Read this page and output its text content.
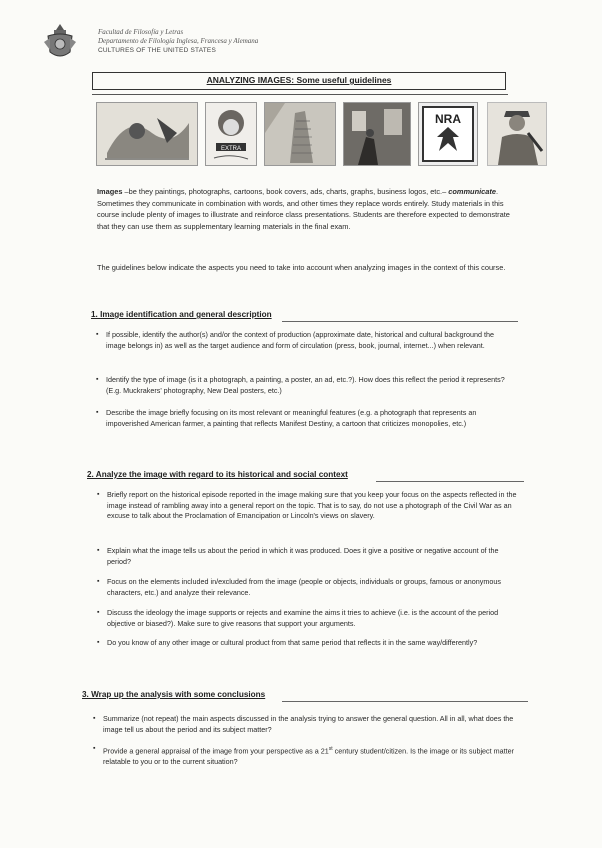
Facultad de Filosofía y Letras
Departamento de Filología Inglesa, Francesa y Alemana
CULTURES OF THE UNITED STATES
ANALYZING IMAGES: Some useful guidelines
EXTRA
NRA
Images –be they paintings, photographs, cartoons, book covers, ads, charts, graphs, business logos, etc.– communicate. Sometimes they communicate in combination with words, and other times they replace words entirely. Study materials in this course include plenty of images to illustrate and reinforce class presentations. Students are therefore expected to demonstrate that they can use them as supplementary learning materials in the final exam.
The guidelines below indicate the aspects you need to take into account when analyzing images in the context of this course.
1. Image identification and general description
▪ If possible, identify the author(s) and/or the context of production (approximate date, historical and cultural background the image belongs in) as well as the target audience and form of circulation (press, book, journal, internet...) when relevant.
▪ Identify the type of image (is it a photograph, a painting, a poster, an ad, etc.?). How does this reflect the period it represents? (E.g. Muckrakers' photography, New Deal posters, etc.)
▪ Describe the image briefly focusing on its most relevant or meaningful features (e.g. a photograph that represents an impoverished American farmer, a painting that reflects Manifest Destiny, a cartoon that criticizes monopolies, etc.)
2. Analyze the image with regard to its historical and social context
▪ Briefly report on the historical episode reported in the image making sure that you keep your focus on the aspects reflected in the image instead of rambling away into a general report on the topic. That is to say, do not use a photograph of the Civil War as an excuse to talk about the Proclamation of Emancipation or Lincoln's views on slavery.
▪ Explain what the image tells us about the period in which it was produced. Does it give a positive or negative account of the period?
▪ Focus on the elements included in/excluded from the image (people or objects, individuals or groups, famous or anonymous characters, etc.) and analyze their relevance.
▪ Discuss the ideology the image supports or rejects and examine the aims it tries to achieve (i.e. is the account of the period objective or biased?). Make sure to give reasons that support your arguments.
▪ Do you know of any other image or cultural product from that same period that reflects it in the same way/differently?
3. Wrap up the analysis with some conclusions
▪ Summarize (not repeat) the main aspects discussed in the analysis trying to answer the general question. All in all, what does the image tell us about the period and its subject matter?
▪ Provide a general appraisal of the image from your perspective as a 21st century student/citizen. Is the image or its subject matter relatable to you or to the current situation?
